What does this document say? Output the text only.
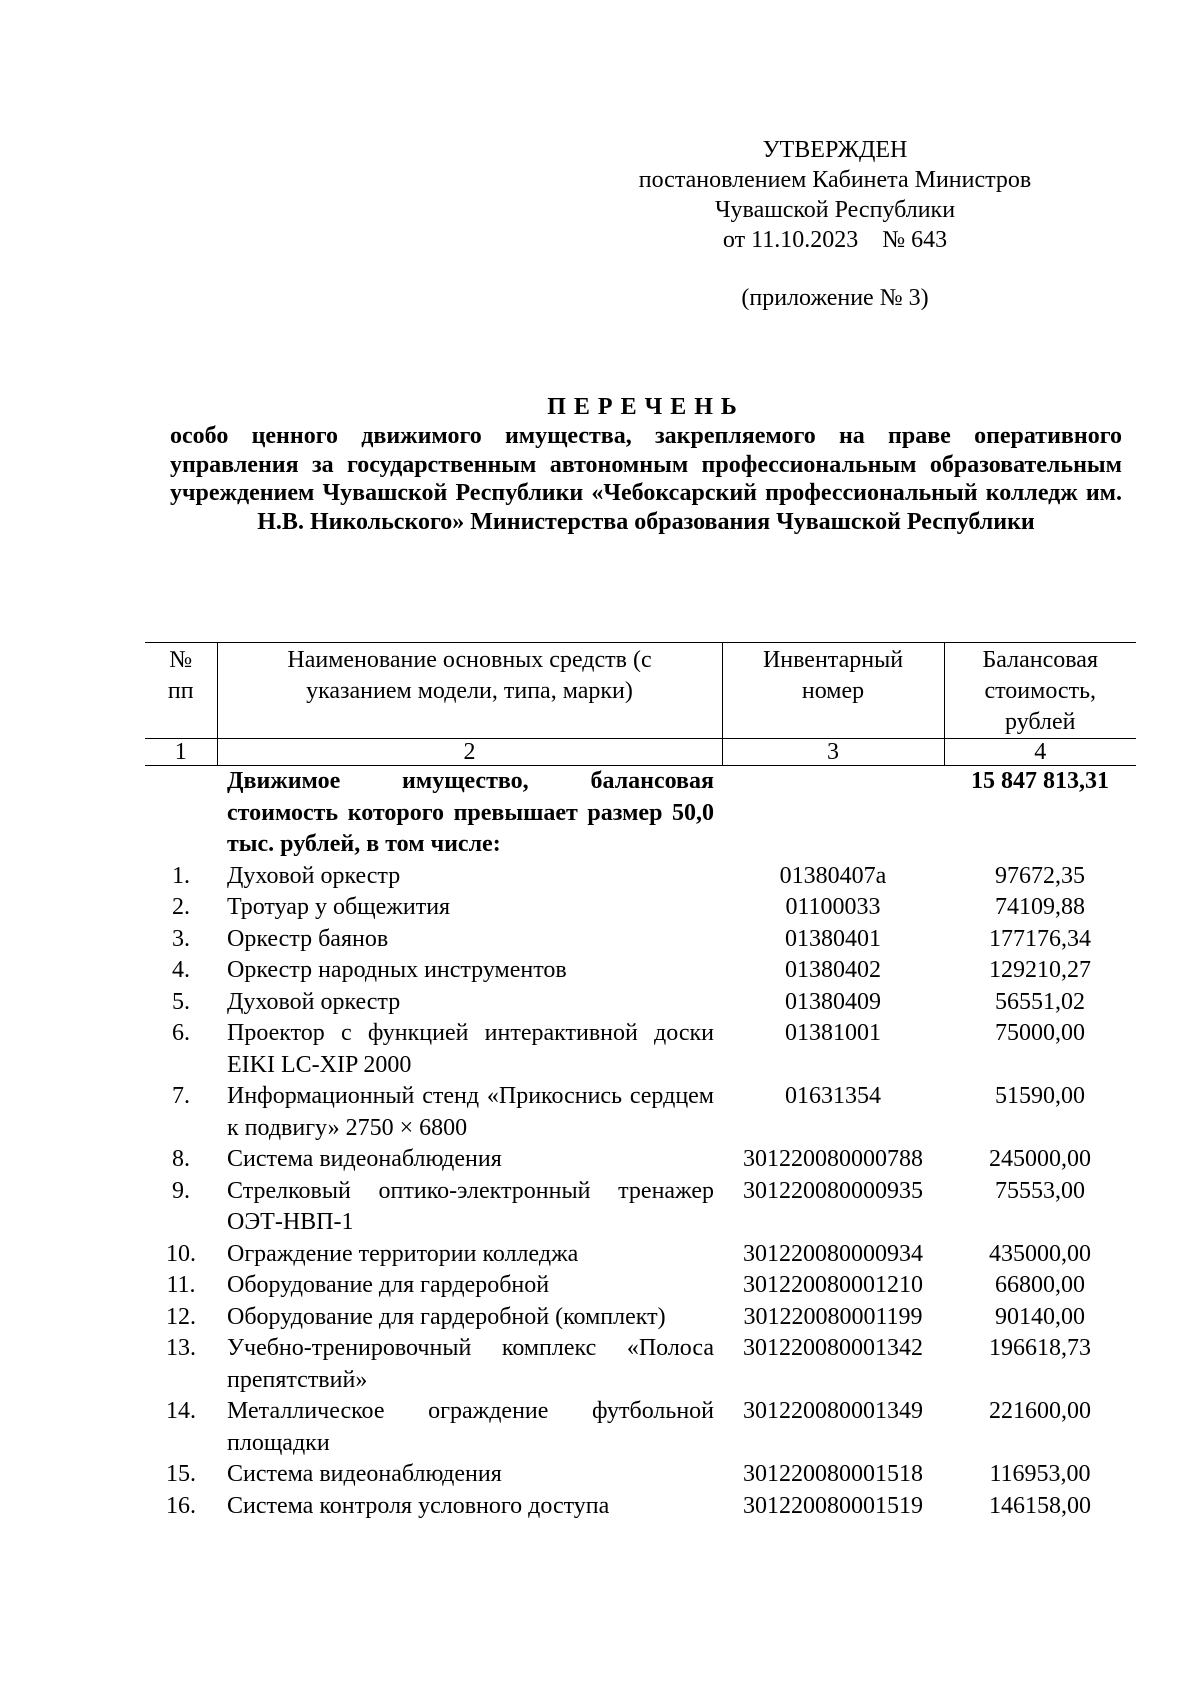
УТВЕРЖДЕН
постановлением Кабинета Министров
Чувашской Республики
от 11.10.2023    № 643
(приложение № 3)
ПЕРЕЧЕНЬ
особо ценного движимого имущества, закрепляемого на праве оперативного управления за государственным автономным профессиональным образовательным учреждением Чувашской Республики «Чебоксарский профессиональный колледж им. Н.В. Никольского» Министерства образования Чувашской Республики
№ пп	Наименование основных средств (с указанием модели, типа, марки)	Инвентарный номер	Балансовая стоимость, рублей
1	2	3	4
	Движимое имущество, балансовая стоимость которого превышает размер 50,0 тыс. рублей, в том числе:		15 847 813,31
1.	Духовой оркестр	01380407а	97672,35
2.	Тротуар у общежития	01100033	74109,88
3.	Оркестр баянов	01380401	177176,34
4.	Оркестр народных инструментов	01380402	129210,27
5.	Духовой оркестр	01380409	56551,02
6.	Проектор с функцией интерактивной доски EIKI LC-XIP 2000	01381001	75000,00
7.	Информационный стенд «Прикоснись сердцем к подвигу» 2750 × 6800	01631354	51590,00
8.	Система видеонаблюдения	301220080000788	245000,00
9.	Стрелковый оптико-электронный тренажер ОЭТ-НВП-1	301220080000935	75553,00
10.	Ограждение территории колледжа	301220080000934	435000,00
11.	Оборудование для гардеробной	301220080001210	66800,00
12.	Оборудование для гардеробной (комплект)	301220080001199	90140,00
13.	Учебно-тренировочный комплекс «Полоса препятствий»	301220080001342	196618,73
14.	Металлическое ограждение футбольной площадки	301220080001349	221600,00
15.	Система видеонаблюдения	301220080001518	116953,00
16.	Система контроля условного доступа	301220080001519	146158,00
